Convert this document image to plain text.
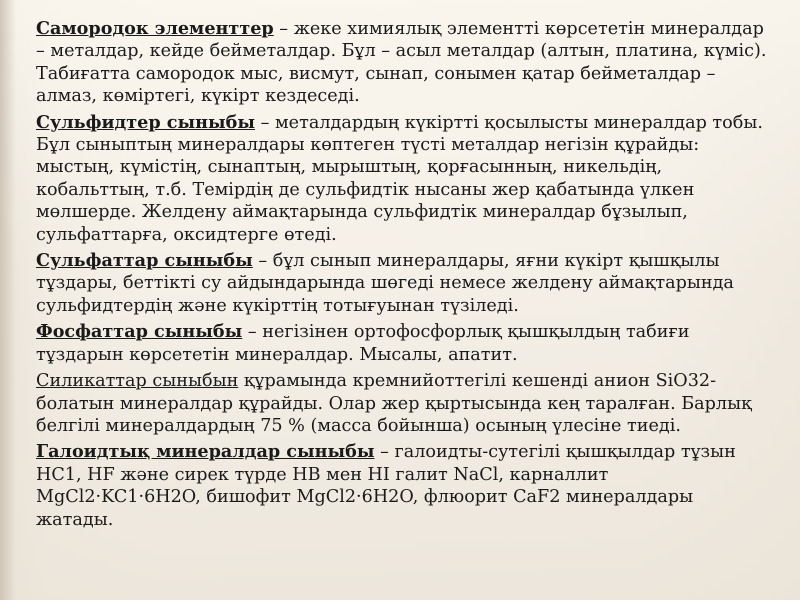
Самородок элементтер – жеке химиялық элементті көрсететін минералдар – металдар, кейде бейметалдар. Бұл – асыл металдар (алтын, платина, күміс). Табиғатта самородок мыс, висмут, сынап, сонымен қатар бейметалдар – алмаз, көміртегі, күкірт кездеседі.

Сульфидтер сыныбы – металдардың күкіртті қосылысты минералдар тобы. Бұл сыныптың минералдары көптеген түсті металдар негізін құрайды: мыстың, күмістің, сынаптың, мырыштың, қорғасынның, никельдің, кобальттың, т.б. Темірдің де сульфидтік нысаны жер қабатында үлкен мөлшерде. Желдену аймақтарында сульфидтік минералдар бұзылып, сульфаттарға, оксидтерге өтеді.

Сульфаттар сыныбы – бұл сынып минералдары, яғни күкірт қышқылы тұздары, беттікті су айдындарында шөгеді немесе желдену аймақтарында сульфидтердің және күкірттің тотығуынан түзіледі.

Фосфаттар сыныбы – негізінен ортофосфорлық қышқылдың табиғи тұздарын көрсететін минералдар. Мысалы, апатит.

Силикаттар сыныбын құрамында кремнийоттегілі кешенді анион SiO32- болатын минералдар құрайды. Олар жер қыртысында кең таралған. Барлық белгілі минералдардың 75 % (масса бойынша) осының үлесіне тиеді.

Галоидтық минералдар сыныбы – галоидты-сутегілі қышқылдар тұзын HC1, HF және сирек түрде HB мен HI галит NaCl, карналлит MgCl2·KC1·6H2O, бишофит MgCl2·6H2O, флюорит CaF2 минералдары жатады.
